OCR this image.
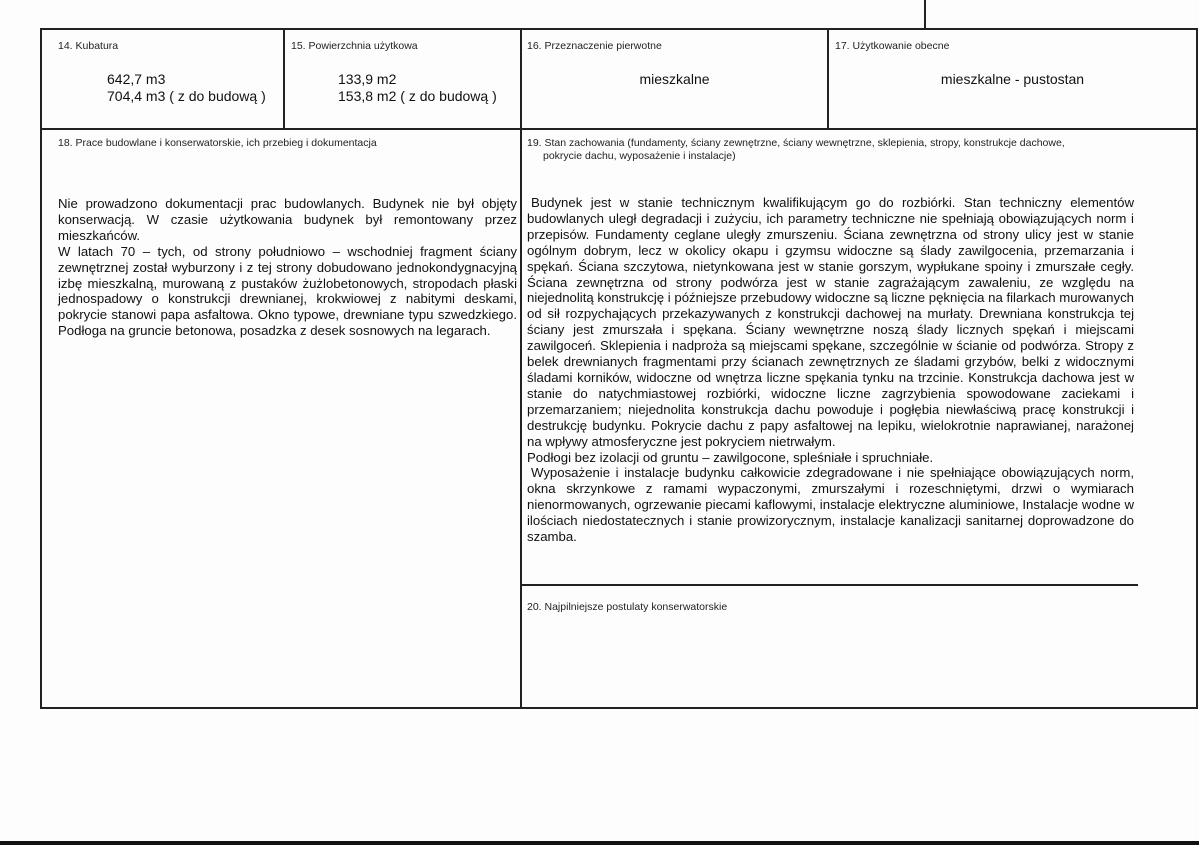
14. Kubatura
642,7 m3
704,4 m3 ( z do budową )
15. Powierzchnia użytkowa
133,9 m2
153,8 m2 ( z do budową )
16. Przeznaczenie pierwotne
mieszkalne
17. Użytkowanie obecne
mieszkalne - pustostan
18. Prace budowlane i konserwatorskie, ich przebieg i dokumentacja

Nie prowadzono dokumentacji prac budowlanych. Budynek nie był objęty konserwacją. W czasie użytkowania budynek był remontowany przez mieszkańców.

W latach 70 – tych, od strony południowo – wschodniej fragment ściany zewnętrznej został wyburzony i z tej strony dobudowano jednokondygnacyjną izbę mieszkalną, murowaną z pustaków żużlobetonowych, stropodach płaski jednospadowy o konstrukcji drewnianej, krokwiowej z nabitymi deskami, pokrycie stanowi papa asfaltowa. Okno typowe, drewniane typu szwedzkiego. Podłoga na gruncie betonowa, posadzka z desek sosnowych na legarach.

19. Stan zachowania (fundamenty, ściany zewnętrzne, ściany wewnętrzne, sklepienia, stropy, konstrukcje dachowe,
pokrycie dachu, wyposażenie i instalacje)

Budynek jest w stanie technicznym kwalifikującym go do rozbiórki. Stan techniczny elementów budowlanych uległ degradacji i zużyciu, ich parametry techniczne nie spełniają obowiązujących norm i przepisów. Fundamenty ceglane uległy zmurszeniu. Ściana zewnętrzna od strony ulicy jest w stanie ogólnym dobrym, lecz w okolicy okapu i gzymsu widoczne są ślady zawilgocenia, przemarzania i spękań. Ściana szczytowa, nietynkowana jest w stanie gorszym, wypłukane spoiny i zmurszałe cegły. Ściana zewnętrzna od strony podwórza jest w stanie zagrażającym zawaleniu, ze względu na niejednolitą konstrukcję i późniejsze przebudowy widoczne są liczne pęknięcia na filarkach murowanych od sił rozpychających przekazywanych z konstrukcji dachowej na murłaty. Drewniana konstrukcja tej ściany jest zmurszała i spękana. Ściany wewnętrzne noszą ślady licznych spękań i miejscami zawilgoceń. Sklepienia i nadproża są miejscami spękane, szczególnie w ścianie od podwórza. Stropy z belek drewnianych fragmentami przy ścianach zewnętrznych ze śladami grzybów, belki z widocznymi śladami korników, widoczne od wnętrza liczne spękania tynku na trzcinie. Konstrukcja dachowa jest w stanie do natychmiastowej rozbiórki, widoczne liczne zagrzybienia spowodowane zaciekami i przemarzaniem; niejednolita konstrukcja dachu powoduje i pogłębia niewłaściwą pracę konstrukcji i destrukcję budynku. Pokrycie dachu z papy asfaltowej na lepiku, wielokrotnie naprawianej, narażonej na wpływy atmosferyczne jest pokryciem nietrwałym.

Podłogi bez izolacji od gruntu – zawilgocone, spleśniałe i spruchniałe.

Wyposażenie i instalacje budynku całkowicie zdegradowane i nie spełniające obowiązujących norm, okna skrzynkowe z ramami wypaczonymi, zmurszałymi i rozeschniętymi, drzwi o wymiarach nienormowanych, ogrzewanie piecami kaflowymi, instalacje elektryczne aluminiowe, Instalacje wodne w ilościach niedostatecznych i stanie prowizorycznym, instalacje kanalizacji sanitarnej doprowadzone do szamba.

20. Najpilniejsze postulaty konserwatorskie
